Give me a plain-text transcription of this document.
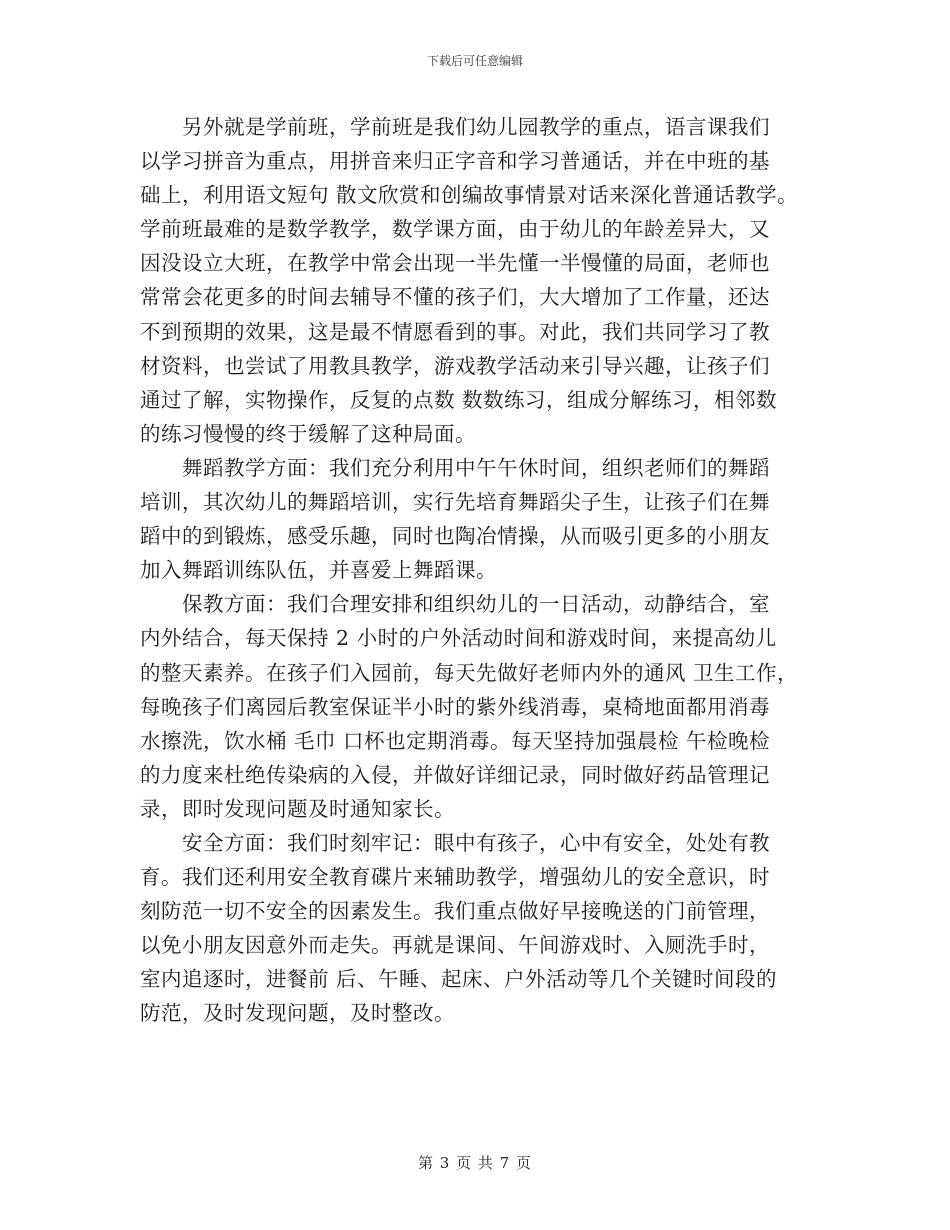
下载后可任意编辑
　　另外就是学前班，学前班是我们幼儿园教学的重点，语言课我们
以学习拼音为重点，用拼音来归正字音和学习普通话，并在中班的基
础上，利用语文短句 散文欣赏和创编故事情景对话来深化普通话教学。
学前班最难的是数学教学，数学课方面，由于幼儿的年龄差异大，又
因没设立大班，在教学中常会出现一半先懂一半慢懂的局面，老师也
常常会花更多的时间去辅导不懂的孩子们，大大增加了工作量，还达
不到预期的效果，这是最不情愿看到的事。对此，我们共同学习了教
材资料，也尝试了用教具教学，游戏教学活动来引导兴趣，让孩子们
通过了解，实物操作，反复的点数 数数练习，组成分解练习，相邻数
的练习慢慢的终于缓解了这种局面。
　　舞蹈教学方面：我们充分利用中午午休时间，组织老师们的舞蹈
培训，其次幼儿的舞蹈培训，实行先培育舞蹈尖子生，让孩子们在舞
蹈中的到锻炼，感受乐趣，同时也陶冶情操，从而吸引更多的小朋友
加入舞蹈训练队伍，并喜爱上舞蹈课。
　　保教方面：我们合理安排和组织幼儿的一日活动，动静结合，室
内外结合，每天保持 2 小时的户外活动时间和游戏时间，来提高幼儿
的整天素养。在孩子们入园前，每天先做好老师内外的通风 卫生工作，
每晚孩子们离园后教室保证半小时的紫外线消毒，桌椅地面都用消毒
水擦洗，饮水桶 毛巾 口杯也定期消毒。每天坚持加强晨检 午检晚检
的力度来杜绝传染病的入侵，并做好详细记录，同时做好药品管理记
录，即时发现问题及时通知家长。
　　安全方面：我们时刻牢记：眼中有孩子，心中有安全，处处有教
育。我们还利用安全教育碟片来辅助教学，增强幼儿的安全意识，时
刻防范一切不安全的因素发生。我们重点做好早接晚送的门前管理，
以免小朋友因意外而走失。再就是课间、午间游戏时、入厕洗手时，
室内追逐时，进餐前 后、午睡、起床、户外活动等几个关键时间段的
防范，及时发现问题，及时整改。
第 3 页 共 7 页
